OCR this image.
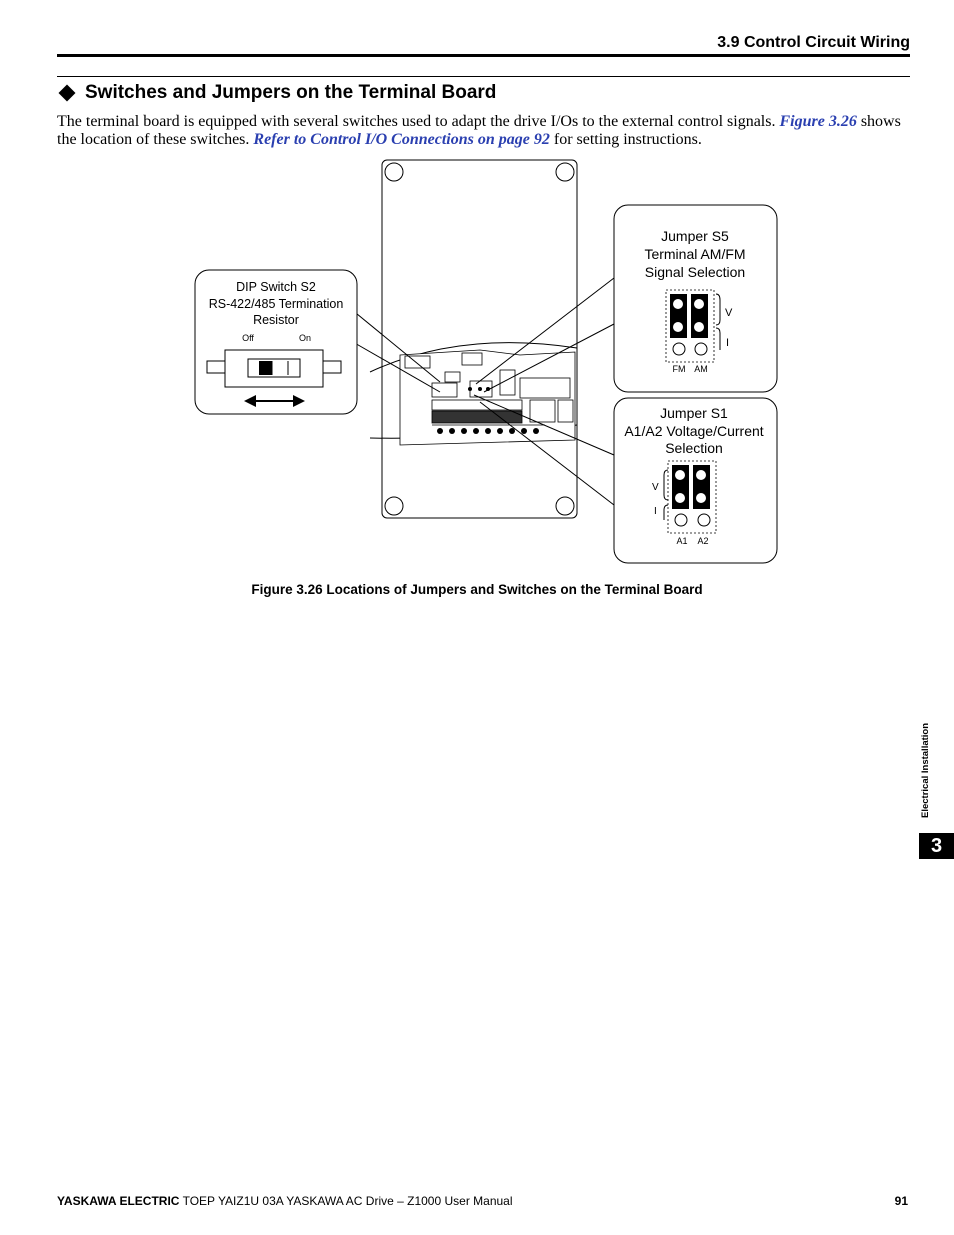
3.9 Control Circuit Wiring
Switches and Jumpers on the Terminal Board
The terminal board is equipped with several switches used to adapt the drive I/Os to the external control signals. Figure 3.26 shows the location of these switches. Refer to Control I/O Connections on page 92 for setting instructions.
DIP Switch S2
RS-422/485 Termination
Resistor
Off	On
Jumper S5
Terminal AM/FM
Signal Selection
V
I
FM AM
Jumper S1
A1/A2 Voltage/Current
Selection
V
I
A1 A2
Figure 3.26 Locations of Jumpers and Switches on the Terminal Board
Electrical Installation
3
YASKAWA ELECTRIC TOEP YAIZ1U 03A YASKAWA AC Drive – Z1000 User Manual	91
